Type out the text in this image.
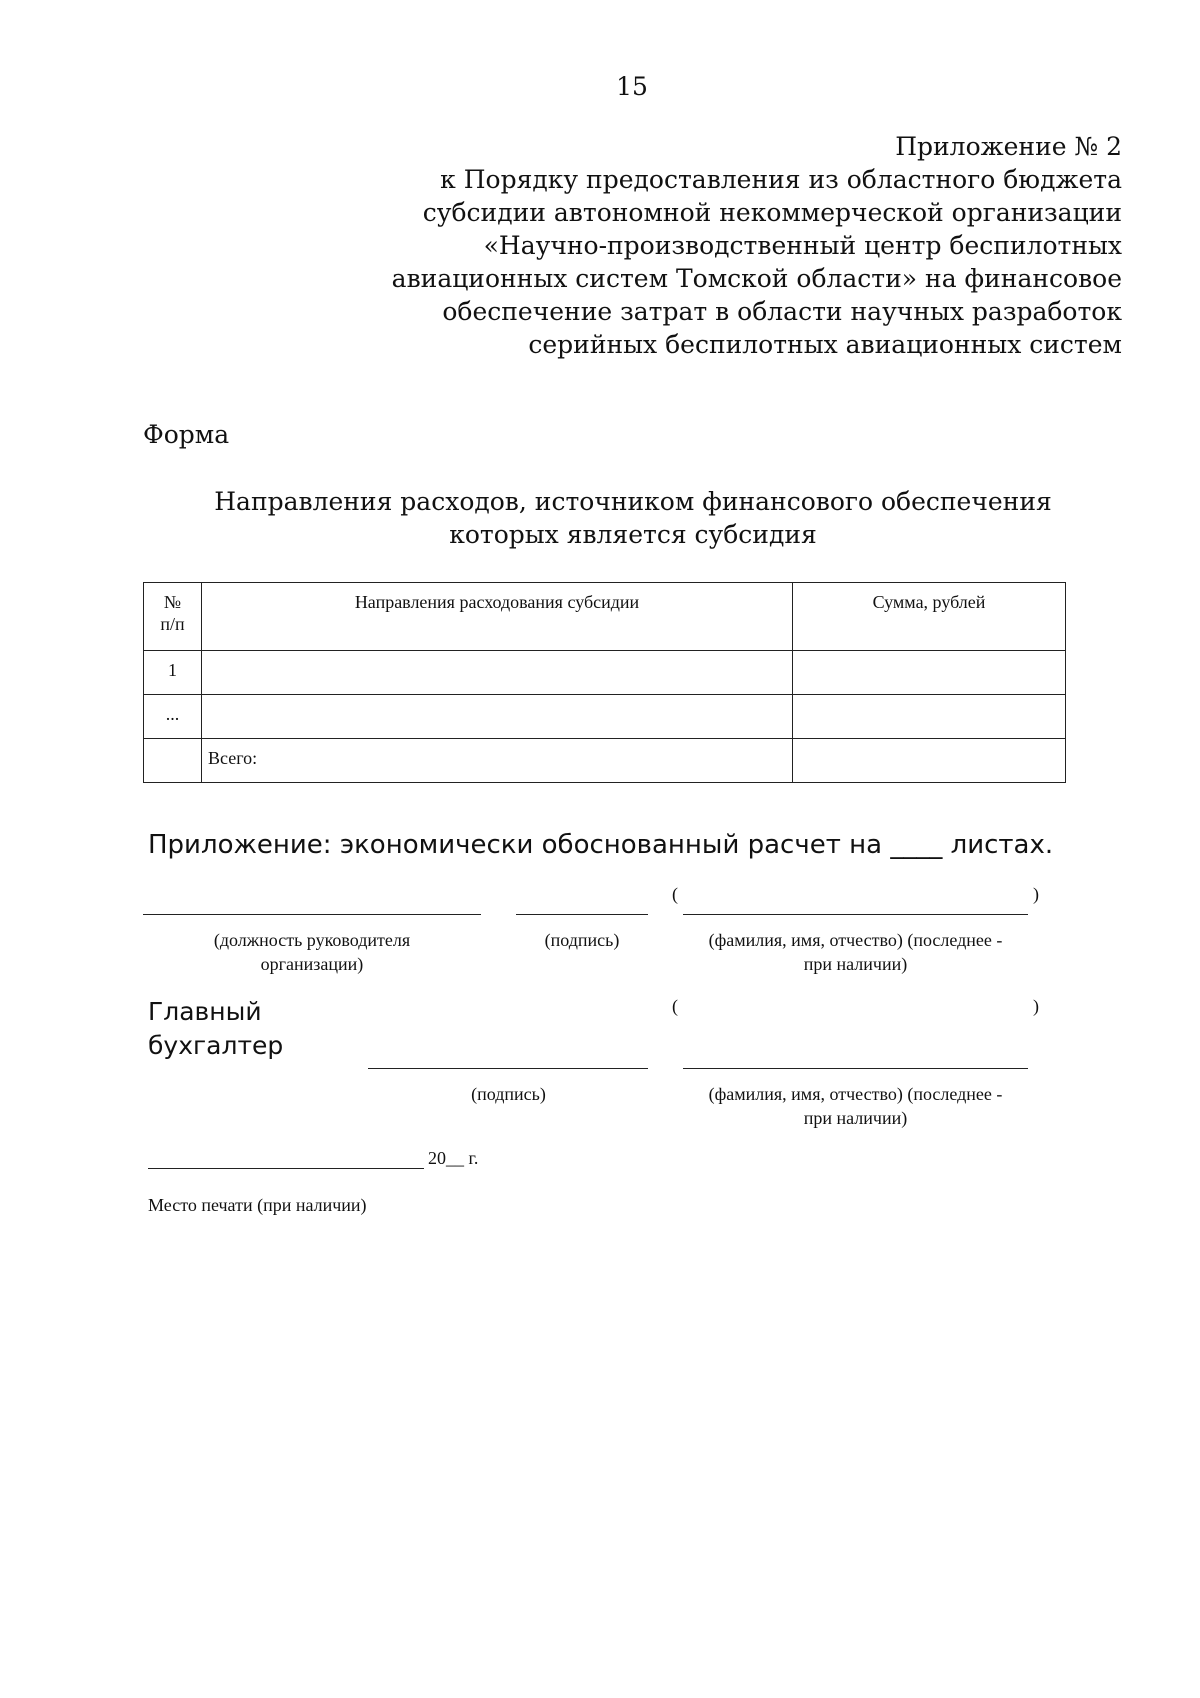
15
Приложение № 2
к Порядку предоставления из областного бюджета
субсидии автономной некоммерческой организации
«Научно-производственный центр беспилотных
авиационных систем Томской области» на финансовое
обеспечение затрат в области научных разработок
серийных беспилотных авиационных систем
Форма
Направления расходов, источником финансового обеспечения
которых является субсидия
№
п/п	Направления расходования субсидии	Сумма, рублей
1		
...		
	Всего:	
Приложение: экономически обоснованный расчет на ____ листах.
(	)
(должность руководителя
организации)
(подпись)	(фамилия, имя, отчество) (последнее -
при наличии)
Главный
бухгалтер
(	)
(подпись)	(фамилия, имя, отчество) (последнее -
при наличии)
20__ г.
Место печати (при наличии)
